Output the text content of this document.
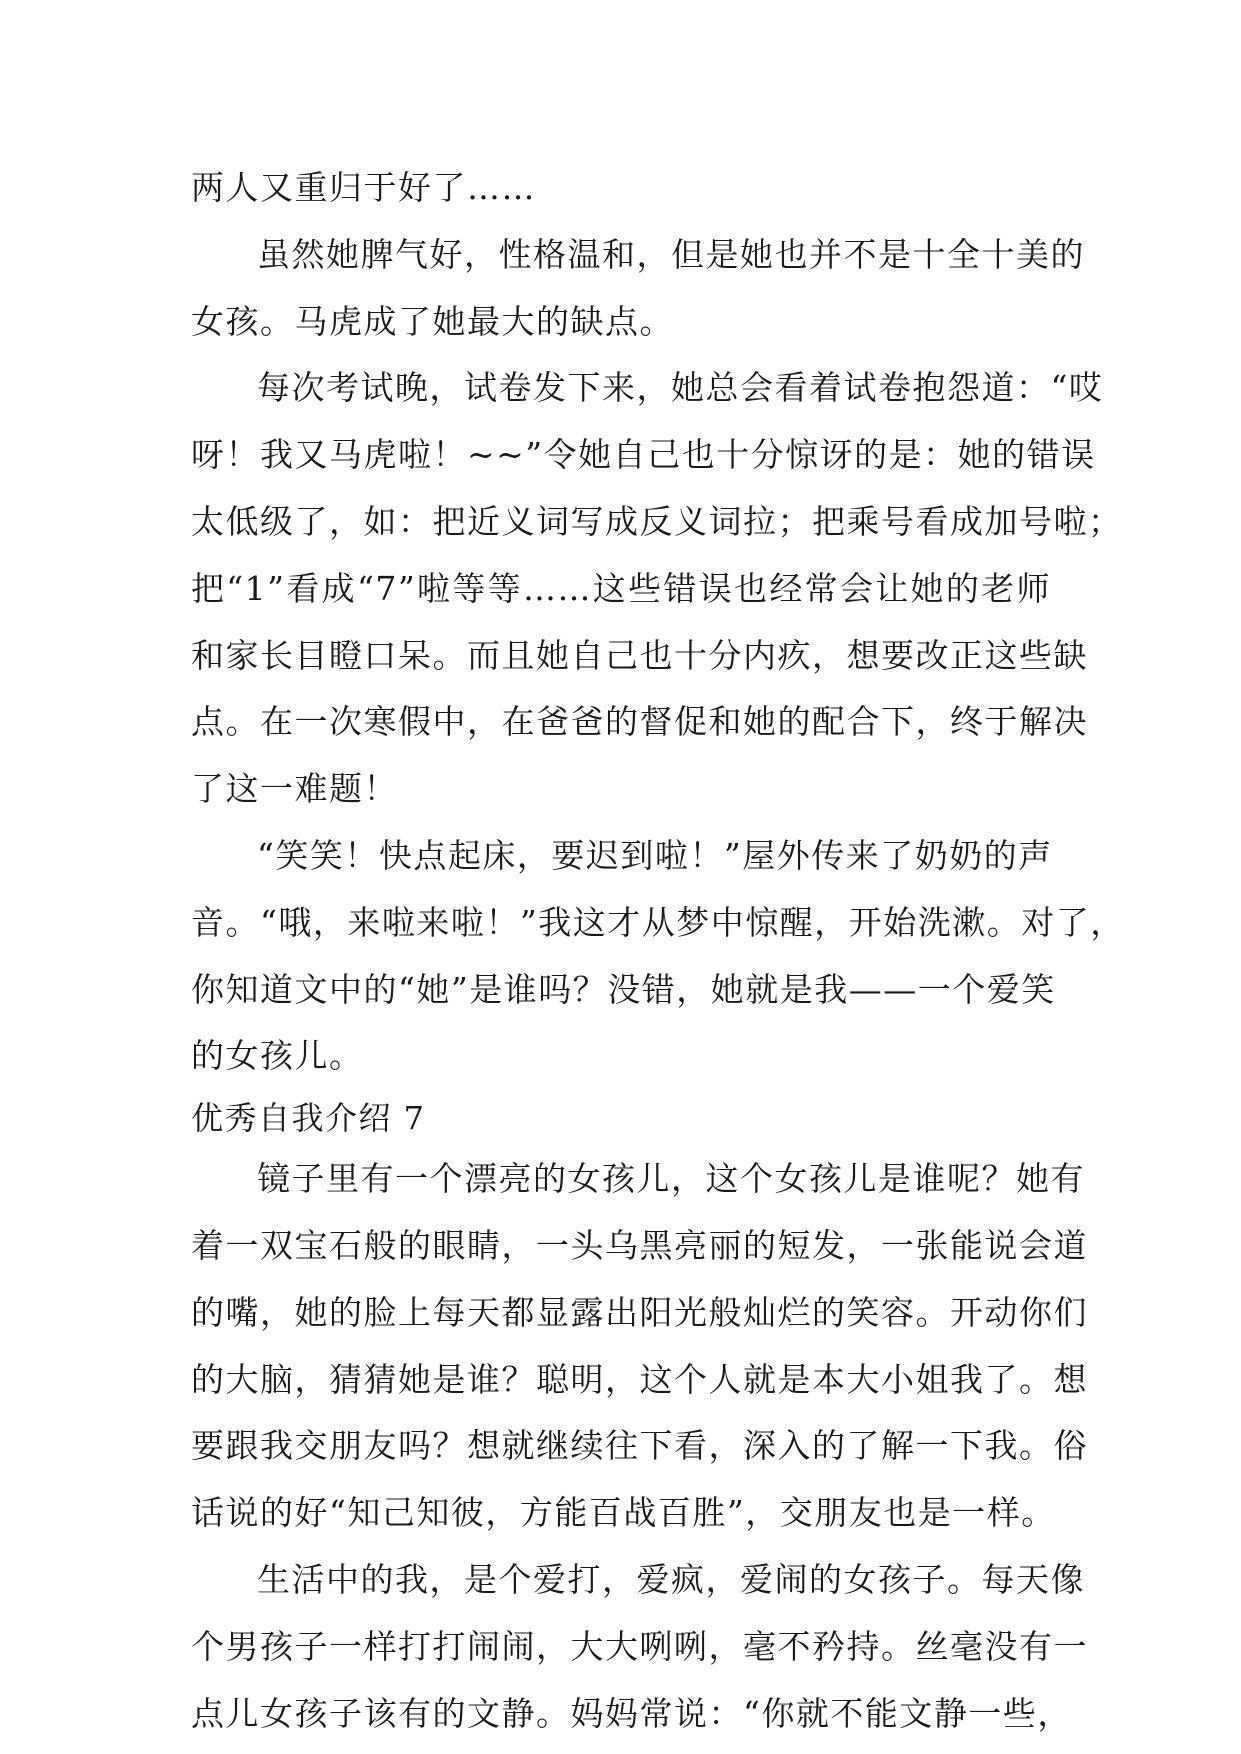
两人又重归于好了……
虽然她脾气好，性格温和，但是她也并不是十全十美的
女孩。马虎成了她最大的缺点。
每次考试晚，试卷发下来，她总会看着试卷抱怨道：“哎
呀！我又马虎啦！~~”令她自己也十分惊讶的是：她的错误
太低级了，如：把近义词写成反义词拉；把乘号看成加号啦；
把“1”看成“7”啦等等……这些错误也经常会让她的老师
和家长目瞪口呆。而且她自己也十分内疚，想要改正这些缺
点。在一次寒假中，在爸爸的督促和她的配合下，终于解决
了这一难题！
“笑笑！快点起床，要迟到啦！”屋外传来了奶奶的声
音。“哦，来啦来啦！”我这才从梦中惊醒，开始洗漱。对了，
你知道文中的“她”是谁吗？没错，她就是我——一个爱笑
的女孩儿。
优秀自我介绍 7
镜子里有一个漂亮的女孩儿，这个女孩儿是谁呢？她有
着一双宝石般的眼睛，一头乌黑亮丽的短发，一张能说会道
的嘴，她的脸上每天都显露出阳光般灿烂的笑容。开动你们
的大脑，猜猜她是谁？聪明，这个人就是本大小姐我了。想
要跟我交朋友吗？想就继续往下看，深入的了解一下我。俗
话说的好“知己知彼，方能百战百胜”，交朋友也是一样。
生活中的我，是个爱打，爱疯，爱闹的女孩子。每天像
个男孩子一样打打闹闹，大大咧咧，毫不矜持。丝毫没有一
点儿女孩子该有的文静。妈妈常说：“你就不能文静一些，
